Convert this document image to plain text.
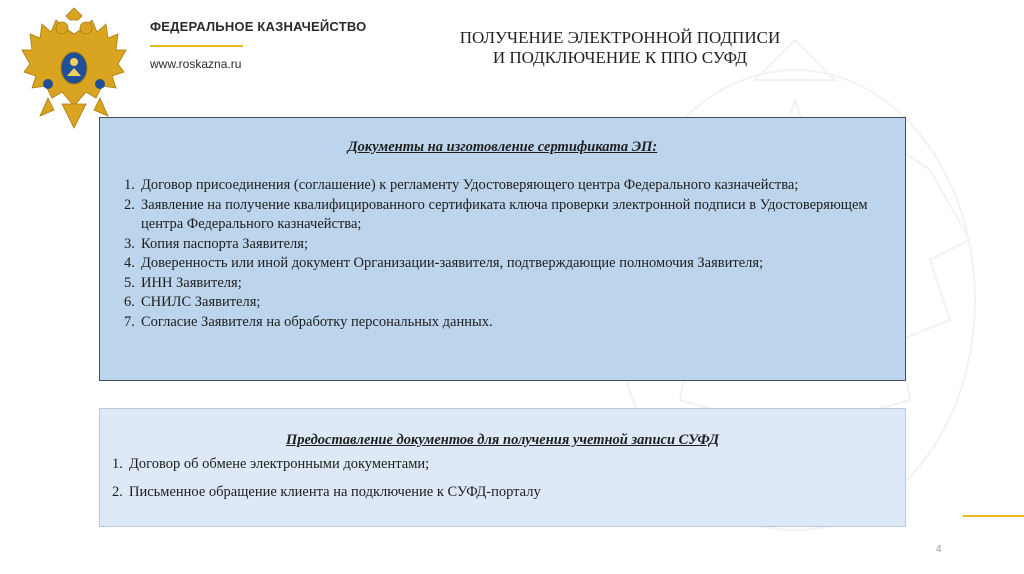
ФЕДЕРАЛЬНОЕ КАЗНАЧЕЙСТВО
www.roskazna.ru
ПОЛУЧЕНИЕ ЭЛЕКТРОННОЙ ПОДПИСИ
И ПОДКЛЮЧЕНИЕ К ППО СУФД
Документы на изготовление сертификата ЭП:
1. Договор присоединения (соглашение) к регламенту Удостоверяющего центра Федерального казначейства;
2. Заявление на получение квалифицированного сертификата ключа проверки электронной подписи в Удостоверяющем центра Федерального казначейства;
3. Копия паспорта Заявителя;
4. Доверенность или иной документ Организации-заявителя, подтверждающие полномочия Заявителя;
5. ИНН Заявителя;
6. СНИЛС Заявителя;
7. Согласие Заявителя на обработку персональных данных.
Предоставление документов для получения учетной записи СУФД
1. Договор об обмене электронными документами;
2. Письменное обращение клиента на подключение к СУФД-порталу
4
